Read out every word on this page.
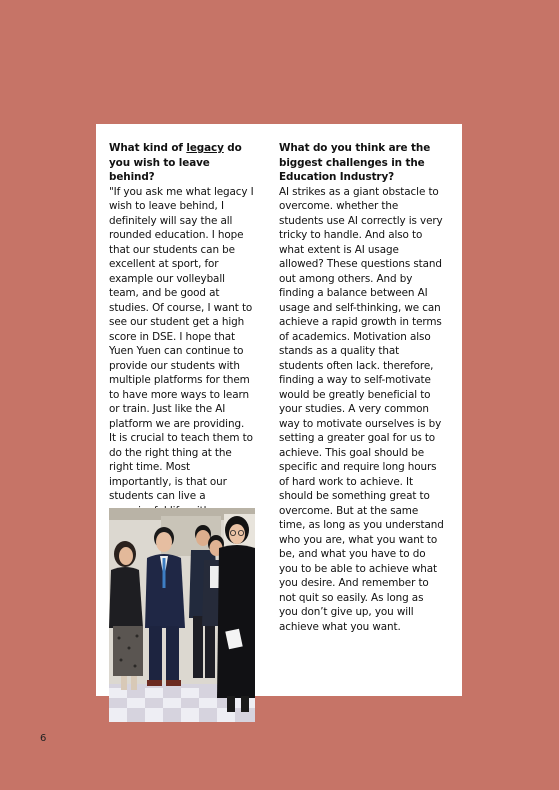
What kind of legacy do you wish to leave behind?
"If you ask me what legacy I wish to leave behind, I definitely will say the all rounded education. I hope that our students can be excellent at sport, for example our volleyball team, and be good at studies. Of course, I want to see our student get a high score in DSE. I hope that Yuen Yuen can continue to provide our students with multiple platforms for them to have more ways to learn or train. Just like the AI platform we are providing. It is crucial to teach them to do the right thing at the right time. Most importantly, is that our students can live a
What do you think are the biggest challenges in the Education Industry?
AI strikes as a giant obstacle to overcome. whether the students use AI correctly is very tricky to handle. And also to what extent is AI usage allowed? These questions stand out among others. And by finding a balance between AI usage and self-thinking, we can achieve a rapid growth in terms of academics. Motivation also stands as a quality that students often lack. therefore, finding a way to self-motivate would be greatly beneficial to your studies. A very common way to motivate ourselves is by setting a greater goal for us to achieve. This goal should be specific and require long hours of hard work to achieve. It should be something great to overcome. But at the same time, as long as you understand who you are, what you want to be, and what you have to do you to be able to achieve what you desire. And remember to not quit so easily. As long as you don’t give up, you will achieve what you want.
6
